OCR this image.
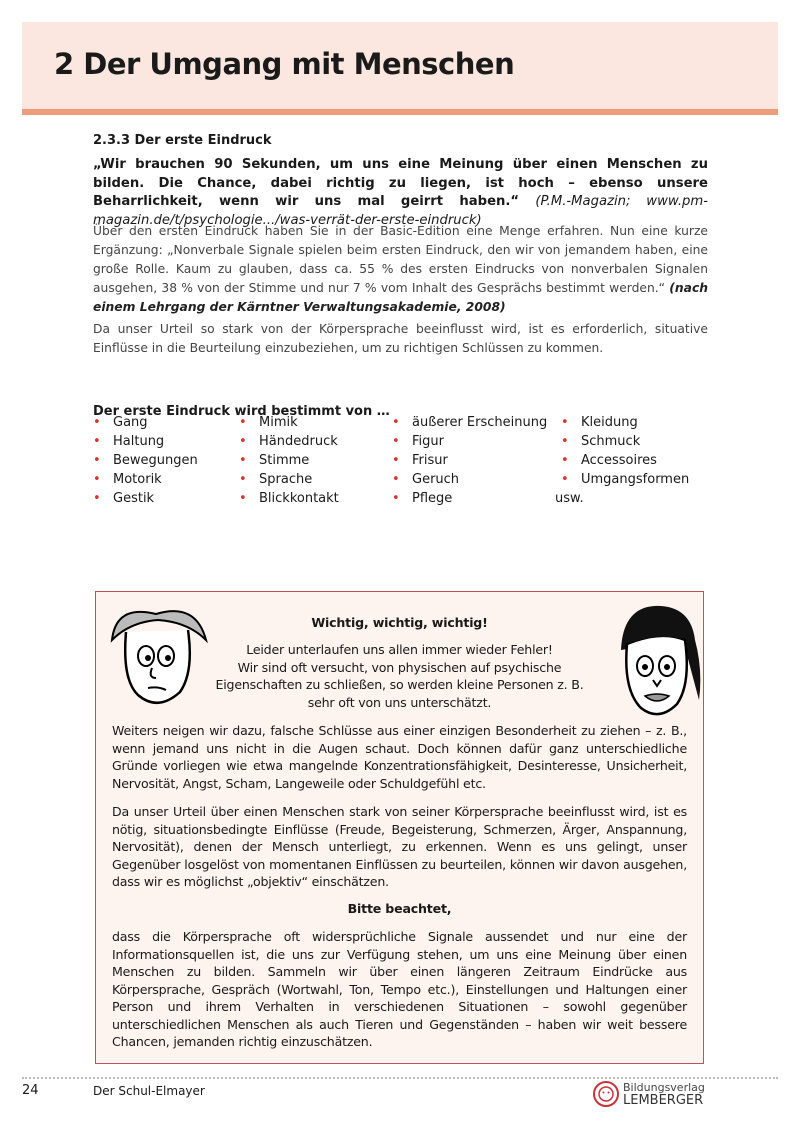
2 Der Umgang mit Menschen
2.3.3 Der erste Eindruck
„Wir brauchen 90 Sekunden, um uns eine Meinung über einen Menschen zu bilden. Die Chance, dabei richtig zu liegen, ist hoch – ebenso unsere Beharrlichkeit, wenn wir uns mal geirrt haben.“ (P.M.-Magazin; www.pm-magazin.de/t/psychologie.../was-verrät-der-erste-eindruck)
Über den ersten Eindruck haben Sie in der Basic-Edition eine Menge erfahren. Nun eine kurze Ergänzung: „Nonverbale Signale spielen beim ersten Eindruck, den wir von jemandem haben, eine große Rolle. Kaum zu glauben, dass ca. 55 % des ersten Eindrucks von nonverbalen Signalen ausgehen, 38 % von der Stimme und nur 7 % vom Inhalt des Gesprächs bestimmt werden.“ (nach einem Lehrgang der Kärntner Verwaltungsakademie, 2008)
Da unser Urteil so stark von der Körpersprache beeinflusst wird, ist es erforderlich, situative Einflüsse in die Beurteilung einzubeziehen, um zu richtigen Schlüssen zu kommen.
Der erste Eindruck wird bestimmt von …
• Gang
• Haltung
• Bewegungen
• Motorik
• Gestik
• Mimik
• Händedruck
• Stimme
• Sprache
• Blickkontakt
• äußerer Erscheinung
• Figur
• Frisur
• Geruch
• Pflege
• Kleidung
• Schmuck
• Accessoires
• Umgangsformen
usw.
Wichtig, wichtig, wichtig!
Leider unterlaufen uns allen immer wieder Fehler!
Wir sind oft versucht, von physischen auf psychische
Eigenschaften zu schließen, so werden kleine Personen z. B.
sehr oft von uns unterschätzt.
Weiters neigen wir dazu, falsche Schlüsse aus einer einzigen Besonderheit zu ziehen – z. B., wenn jemand uns nicht in die Augen schaut. Doch können dafür ganz unterschiedliche Gründe vorliegen wie etwa mangelnde Konzentrationsfähigkeit, Desinteresse, Unsicherheit, Nervosität, Angst, Scham, Langeweile oder Schuldgefühl etc.
Da unser Urteil über einen Menschen stark von seiner Körpersprache beeinflusst wird, ist es nötig, situationsbedingte Einflüsse (Freude, Begeisterung, Schmerzen, Ärger, Anspannung, Nervosität), denen der Mensch unterliegt, zu erkennen. Wenn es uns gelingt, unser Gegenüber losgelöst von momentanen Einflüssen zu beurteilen, können wir davon ausgehen, dass wir es möglichst „objektiv“ einschätzen.
Bitte beachtet,
dass die Körpersprache oft widersprüchliche Signale aussendet und nur eine der Informationsquellen ist, die uns zur Verfügung stehen, um uns eine Meinung über einen Menschen zu bilden. Sammeln wir über einen längeren Zeitraum Eindrücke aus Körpersprache, Gespräch (Wortwahl, Ton, Tempo etc.), Einstellungen und Haltungen einer Person und ihrem Verhalten in verschiedenen Situationen – sowohl gegenüber unterschiedlichen Menschen als auch Tieren und Gegenständen – haben wir weit bessere Chancen, jemanden richtig einzuschätzen.
24	Der Schul-Elmayer	Bildungsverlag
LEMBERGER
